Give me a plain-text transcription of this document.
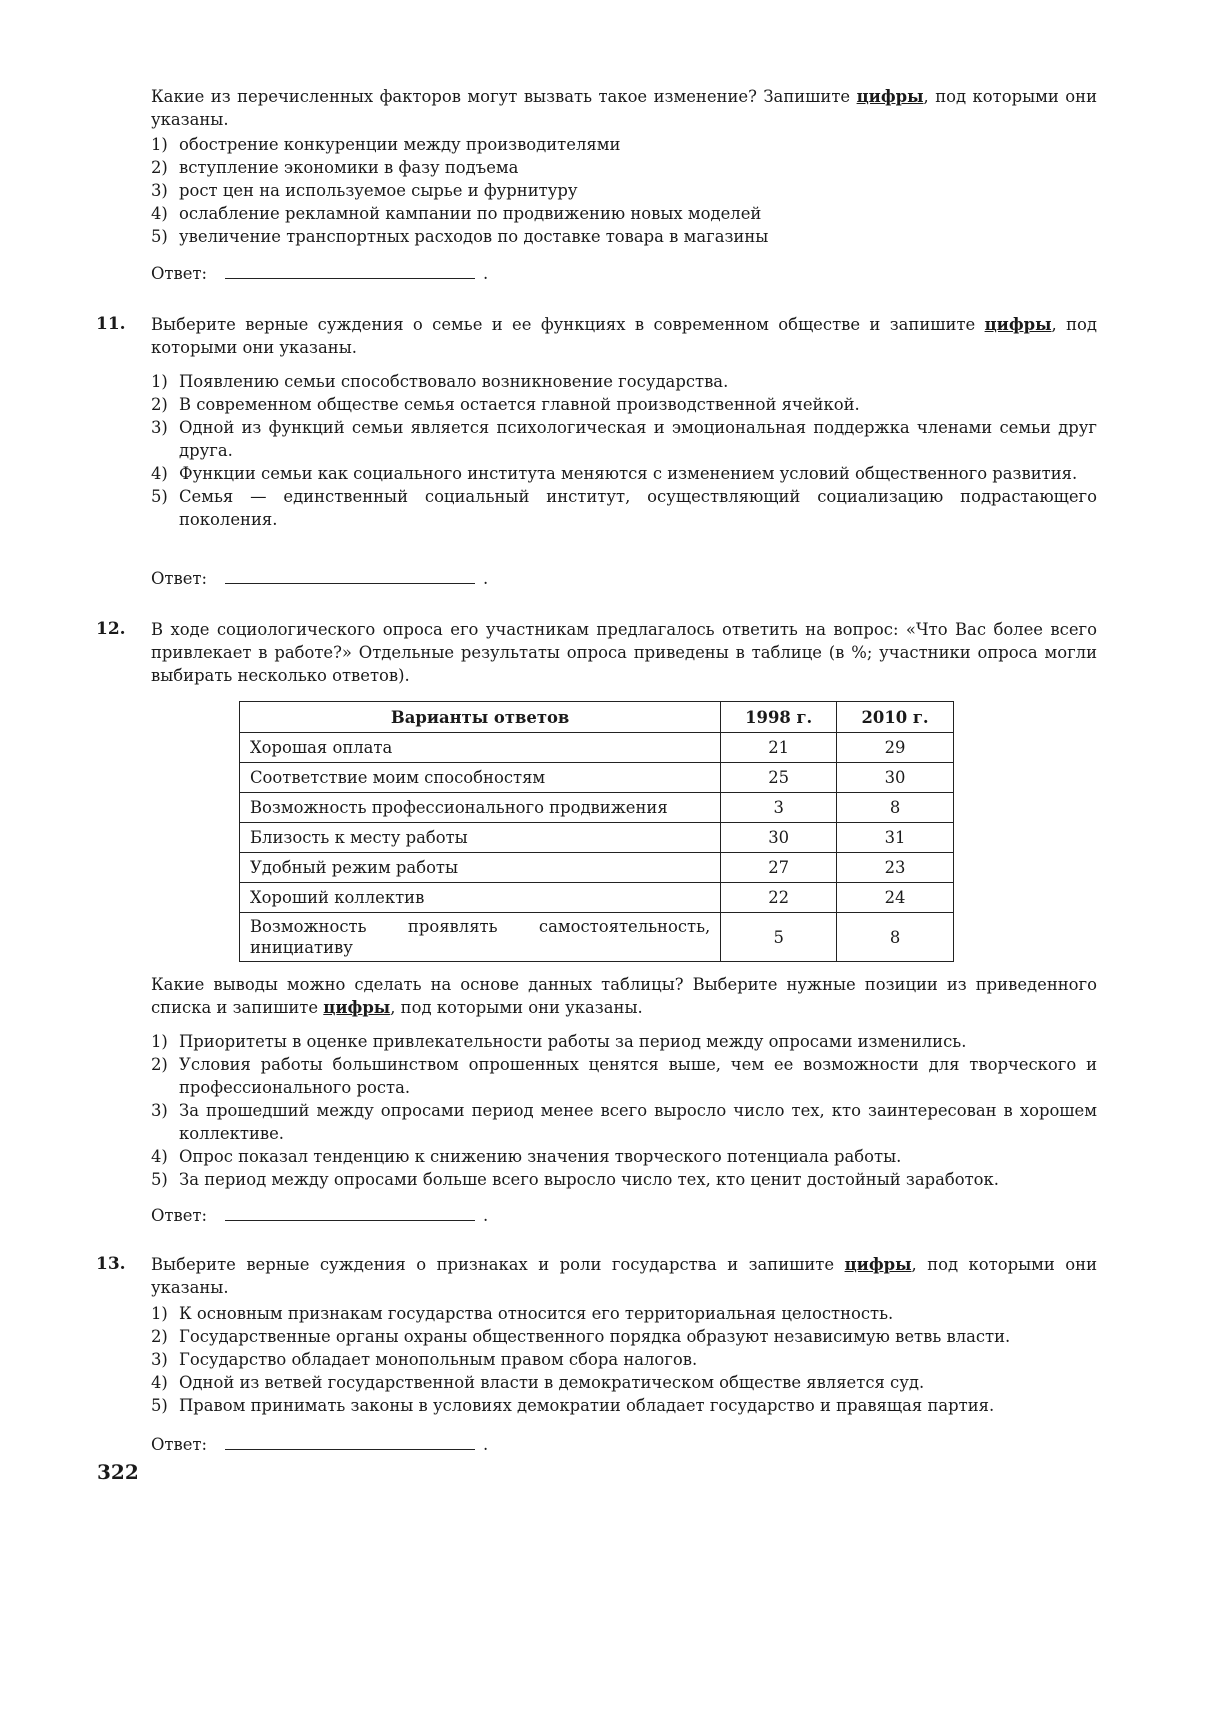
Какие из перечисленных факторов могут вызвать такое изменение? Запишите цифры, под которыми они указаны.
1) обострение конкуренции между производителями
2) вступление экономики в фазу подъема
3) рост цен на используемое сырье и фурнитуру
4) ослабление рекламной кампании по продвижению новых моделей
5) увеличение транспортных расходов по доставке товара в магазины
Ответ:	.
11. Выберите верные суждения о семье и ее функциях в современном обществе и запишите цифры, под которыми они указаны.
1) Появлению семьи способствовало возникновение государства.
2) В современном обществе семья остается главной производственной ячейкой.
3) Одной из функций семьи является психологическая и эмоциональная поддержка членами семьи друг друга.
4) Функции семьи как социального института меняются с изменением условий общественного развития.
5) Семья — единственный социальный институт, осуществляющий социализацию подрастающего поколения.
Ответ:	.
12. В ходе социологического опроса его участникам предлагалось ответить на вопрос: «Что Вас более всего привлекает в работе?» Отдельные результаты опроса приведены в таблице (в %; участники опроса могли выбирать несколько ответов).
Варианты ответов	1998 г.	2010 г.
Хорошая оплата	21	29
Соответствие моим способностям	25	30
Возможность профессионального продвижения	3	8
Близость к месту работы	30	31
Удобный режим работы	27	23
Хороший коллектив	22	24
Возможность проявлять самостоятельность, инициативу	5	8
Какие выводы можно сделать на основе данных таблицы? Выберите нужные позиции из приведенного списка и запишите цифры, под которыми они указаны.
1) Приоритеты в оценке привлекательности работы за период между опросами изменились.
2) Условия работы большинством опрошенных ценятся выше, чем ее возможности для творческого и профессионального роста.
3) За прошедший между опросами период менее всего выросло число тех, кто заинтересован в хорошем коллективе.
4) Опрос показал тенденцию к снижению значения творческого потенциала работы.
5) За период между опросами больше всего выросло число тех, кто ценит достойный заработок.
Ответ:	.
13. Выберите верные суждения о признаках и роли государства и запишите цифры, под которыми они указаны.
1) К основным признакам государства относится его территориальная целостность.
2) Государственные органы охраны общественного порядка образуют независимую ветвь власти.
3) Государство обладает монопольным правом сбора налогов.
4) Одной из ветвей государственной власти в демократическом обществе является суд.
5) Правом принимать законы в условиях демократии обладает государство и правящая партия.
Ответ:	.
322
